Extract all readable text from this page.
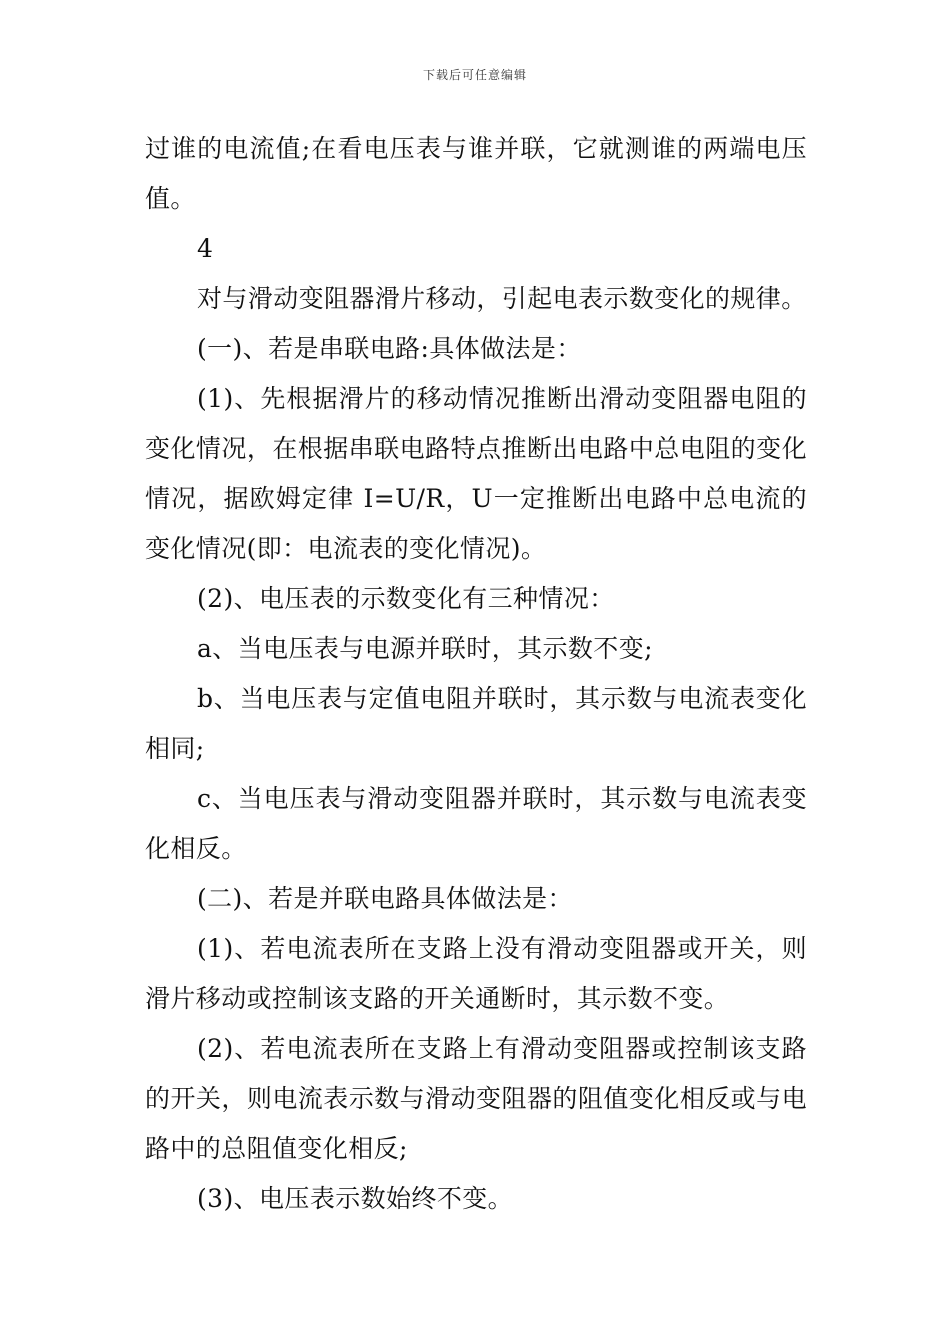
下载后可任意编辑

过谁的电流值;在看电压表与谁并联，它就测谁的两端电压值。

4

对与滑动变阻器滑片移动，引起电表示数变化的规律。

(一)、若是串联电路:具体做法是：

(1)、先根据滑片的移动情况推断出滑动变阻器电阻的变化情况，在根据串联电路特点推断出电路中总电阻的变化情况，据欧姆定律 I=U/R，U一定推断出电路中总电流的变化情况(即：电流表的变化情况)。

(2)、电压表的示数变化有三种情况：

a、当电压表与电源并联时，其示数不变;

b、当电压表与定值电阻并联时，其示数与电流表变化相同;

c、当电压表与滑动变阻器并联时，其示数与电流表变化相反。

(二)、若是并联电路具体做法是：

(1)、若电流表所在支路上没有滑动变阻器或开关，则滑片移动或控制该支路的开关通断时，其示数不变。

(2)、若电流表所在支路上有滑动变阻器或控制该支路的开关，则电流表示数与滑动变阻器的阻值变化相反或与电路中的总阻值变化相反;

(3)、电压表示数始终不变。
